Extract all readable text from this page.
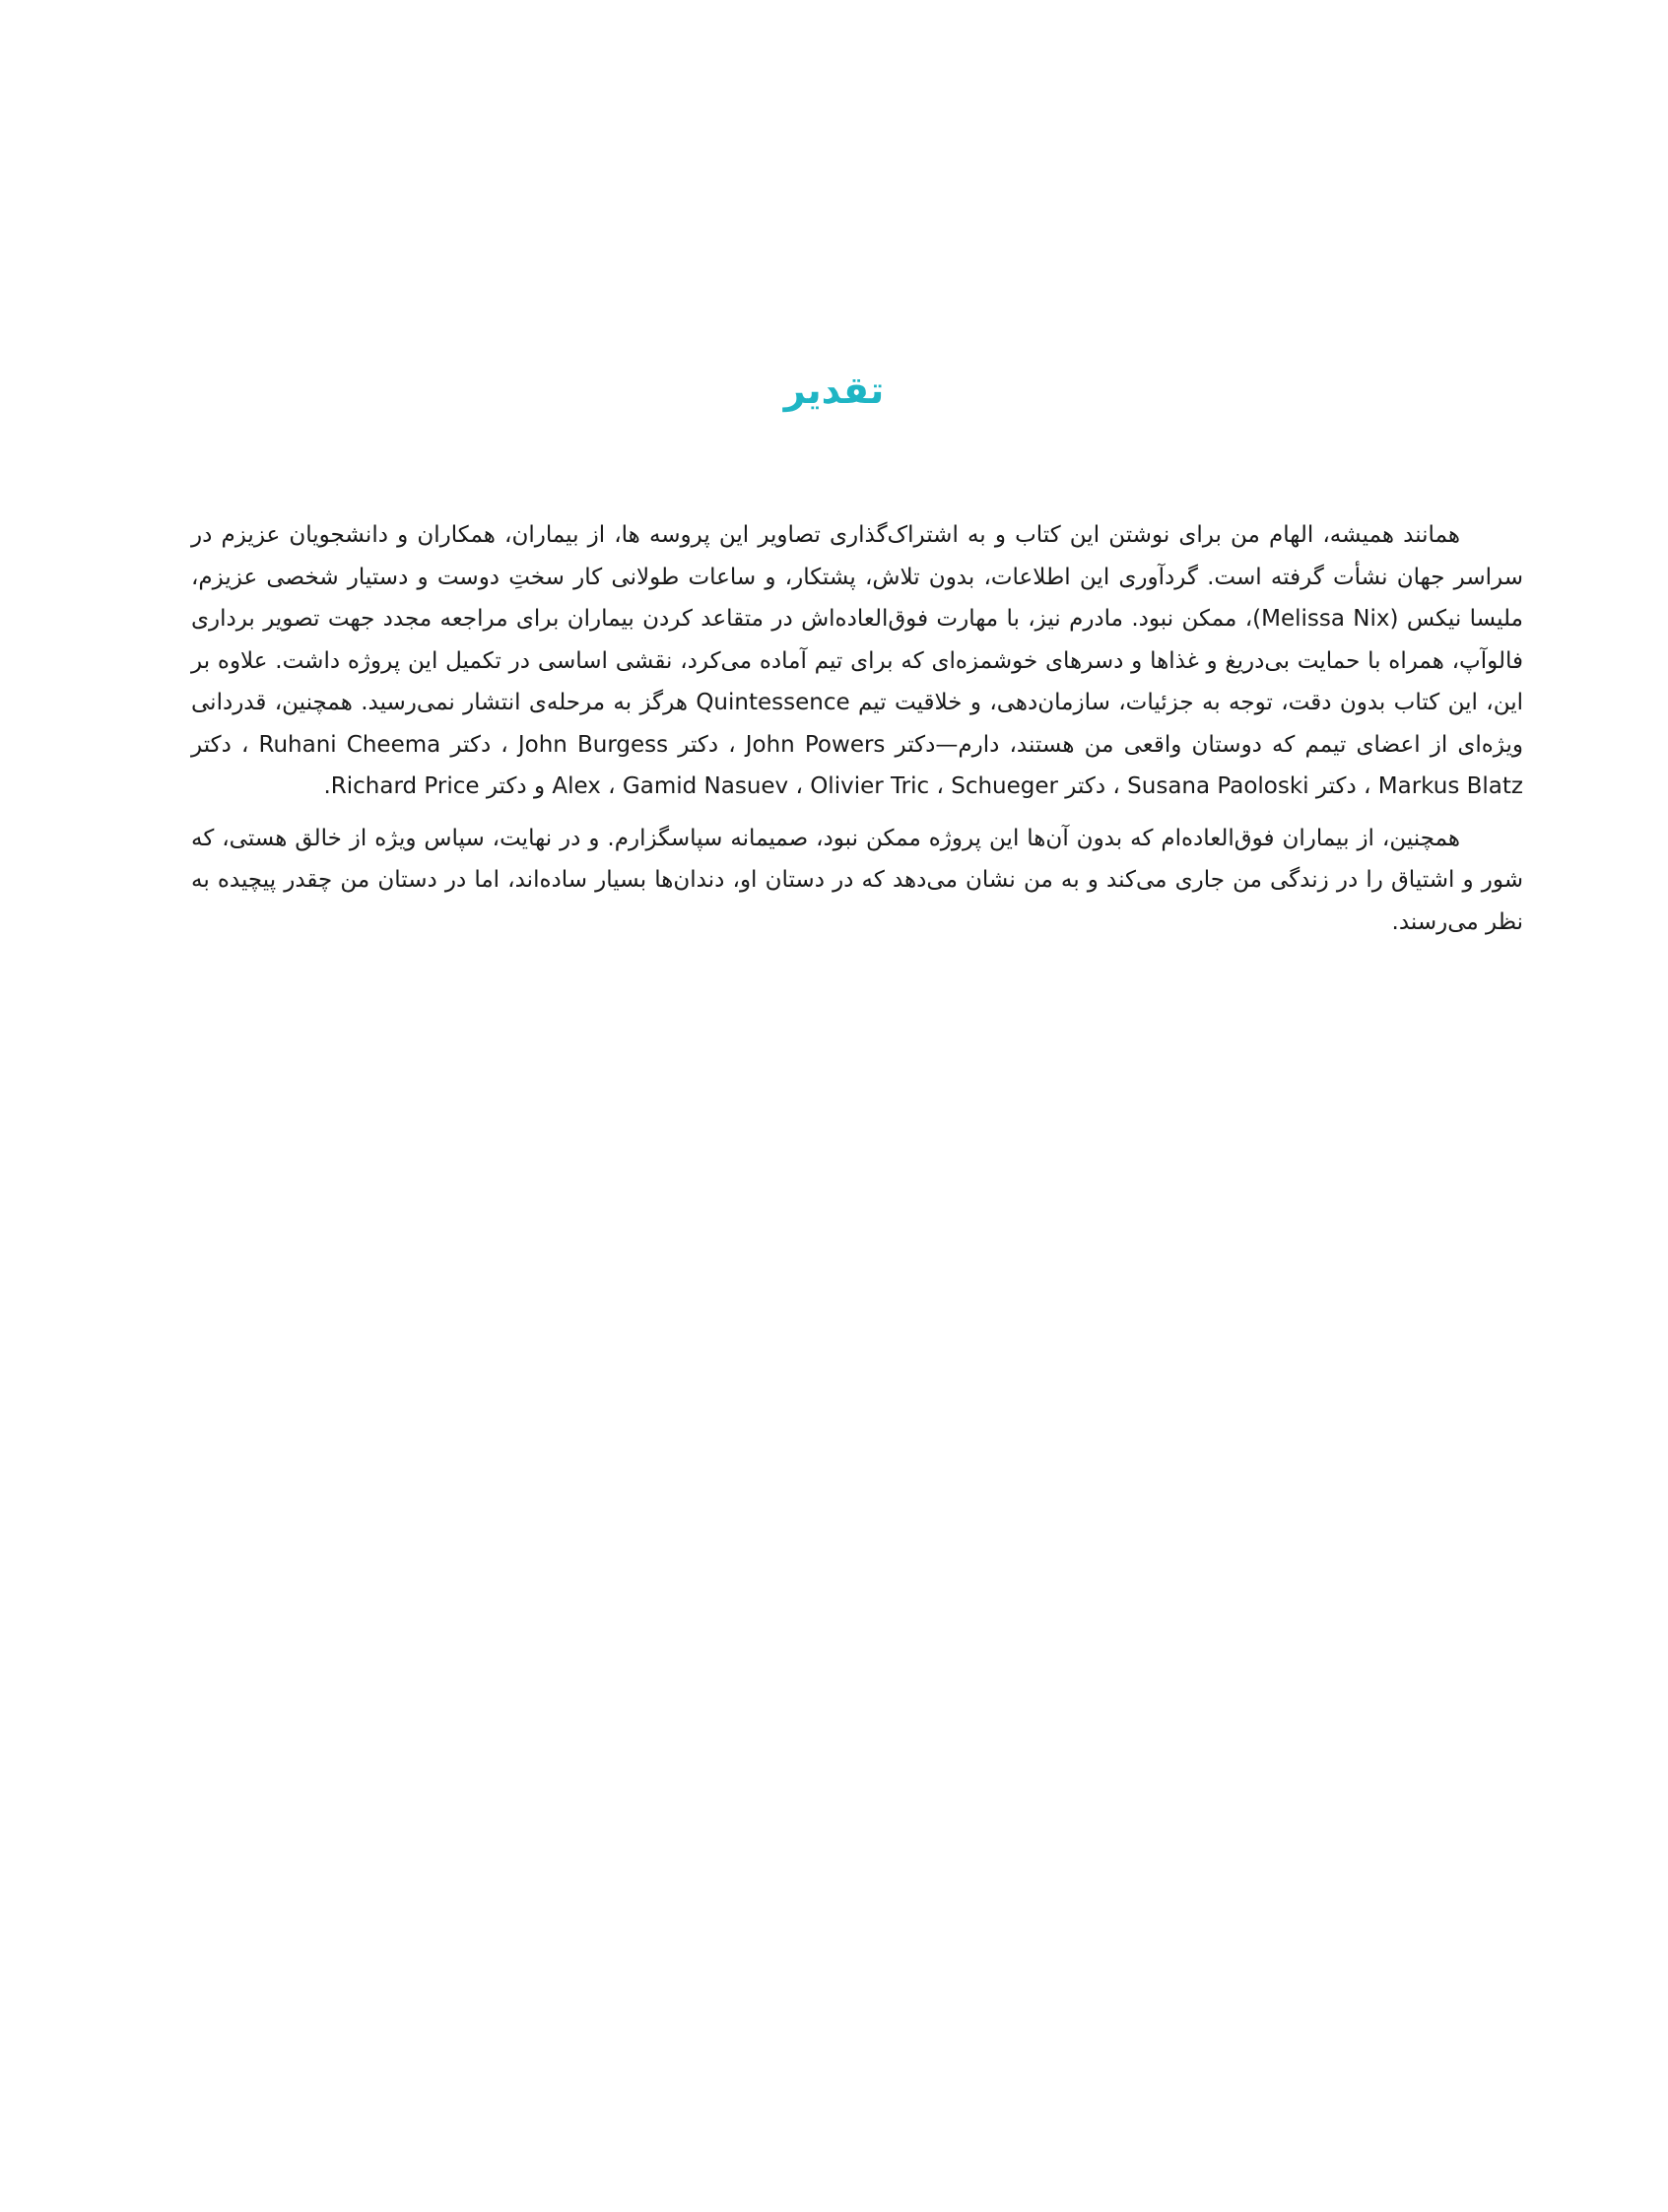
تقدیر

همانند همیشه، الهام من برای نوشتن این کتاب و به اشتراک‌گذاری تصاویر این پروسه ها، از بیماران، همکاران و دانشجویان عزیزم در سراسر جهان نشأت گرفته است. گردآوری این اطلاعات، بدون تلاش، پشتکار، و ساعات طولانی کار سختِ دوست و دستیار شخصی عزیزم، ملیسا نیکس (Melissa Nix)، ممکن نبود. مادرم نیز، با مهارت فوق‌العاده‌اش در متقاعد کردن بیماران برای مراجعه مجدد جهت تصویر برداری فالوآپ، همراه با حمایت بی‌دریغ و غذاها و دسرهای خوشمزه‌ای که برای تیم آماده می‌کرد، نقشی اساسی در تکمیل این پروژه داشت. علاوه بر این، این کتاب بدون دقت، توجه به جزئیات، سازمان‌دهی، و خلاقیت تیم Quintessence هرگز به مرحله‌ی انتشار نمی‌رسید. همچنین، قدردانی ویژه‌ای از اعضای تیمم که دوستان واقعی من هستند، دارم—دکتر John Powers ، دکتر John Burgess ، دکتر Ruhani Cheema ، دکتر Markus Blatz ، دکتر Susana Paoloski ، دکتر Alex ، Gamid Nasuev ، Olivier Tric ، Schueger و دکتر Richard Price.

همچنین، از بیماران فوق‌العاده‌ام که بدون آن‌ها این پروژه ممکن نبود، صمیمانه سپاسگزارم. و در نهایت، سپاس ویژه از خالق هستی، که شور و اشتیاق را در زندگی من جاری می‌کند و به من نشان می‌دهد که در دستان او، دندان‌ها بسیار ساده‌اند، اما در دستان من چقدر پیچیده به نظر می‌رسند.
